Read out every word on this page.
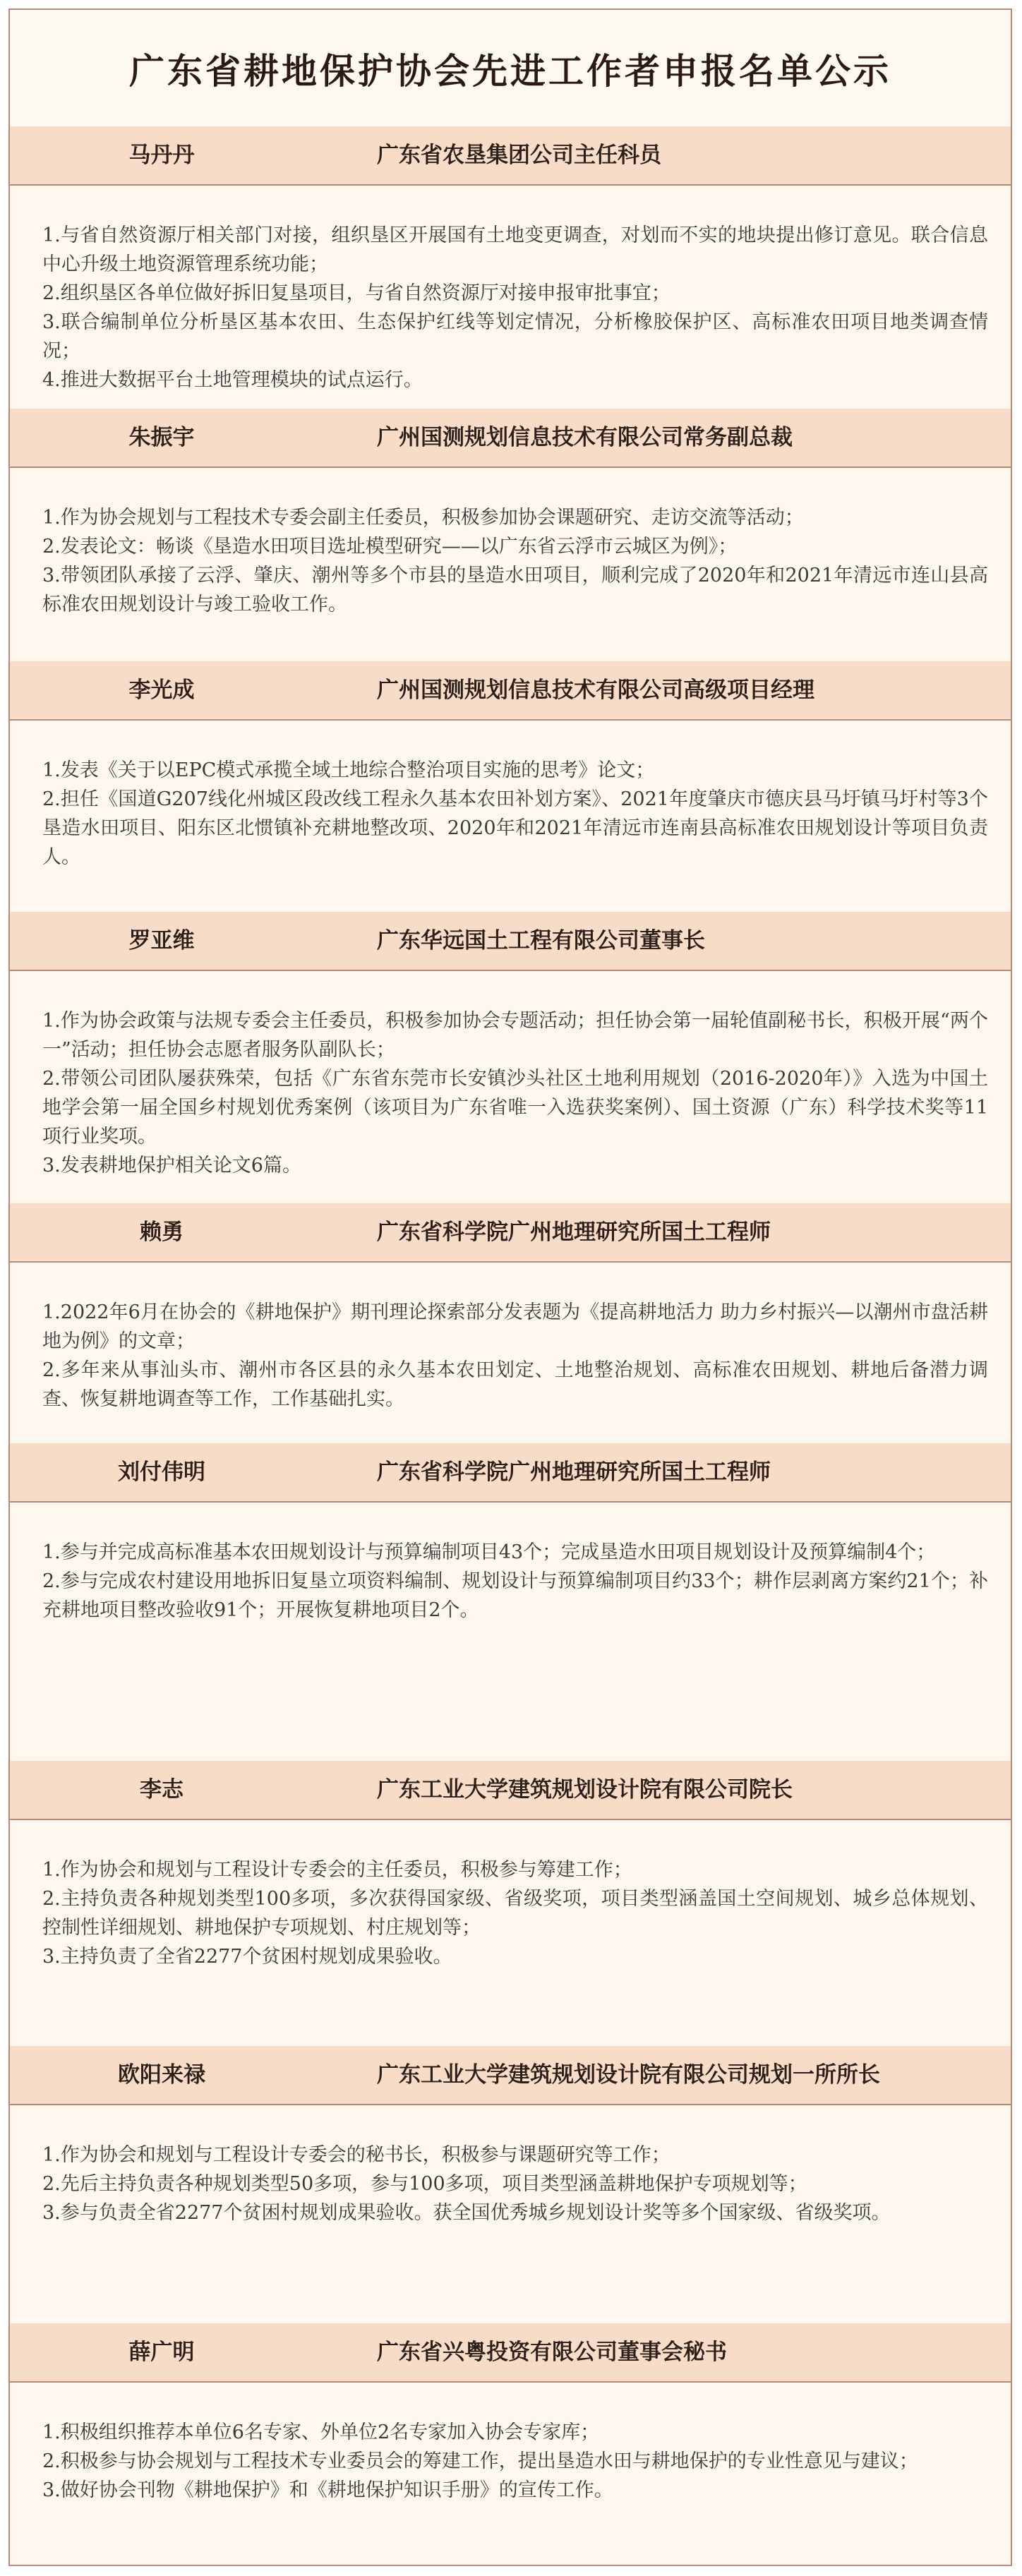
广东省耕地保护协会先进工作者申报名单公示
马丹丹	广东省农垦集团公司主任科员
1.与省自然资源厅相关部门对接，组织垦区开展国有土地变更调查，对划而不实的地块提出修订意见。联合信息中心升级土地资源管理系统功能；
2.组织垦区各单位做好拆旧复垦项目，与省自然资源厅对接申报审批事宜；
3.联合编制单位分析垦区基本农田、生态保护红线等划定情况，分析橡胶保护区、高标准农田项目地类调查情况；
4.推进大数据平台土地管理模块的试点运行。
朱振宇	广州国测规划信息技术有限公司常务副总裁
1.作为协会规划与工程技术专委会副主任委员，积极参加协会课题研究、走访交流等活动；
2.发表论文：畅谈《垦造水田项目选址模型研究——以广东省云浮市云城区为例》；
3.带领团队承接了云浮、肇庆、潮州等多个市县的垦造水田项目，顺利完成了2020年和2021年清远市连山县高标准农田规划设计与竣工验收工作。
李光成	广州国测规划信息技术有限公司高级项目经理
1.发表《关于以EPC模式承揽全域土地综合整治项目实施的思考》论文；
2.担任《国道G207线化州城区段改线工程永久基本农田补划方案》、2021年度肇庆市德庆县马圩镇马圩村等3个垦造水田项目、阳东区北惯镇补充耕地整改项、2020年和2021年清远市连南县高标准农田规划设计等项目负责人。
罗亚维	广东华远国土工程有限公司董事长
1.作为协会政策与法规专委会主任委员，积极参加协会专题活动；担任协会第一届轮值副秘书长，积极开展“两个一”活动；担任协会志愿者服务队副队长；
2.带领公司团队屡获殊荣，包括《广东省东莞市长安镇沙头社区土地利用规划（2016-2020年）》入选为中国土地学会第一届全国乡村规划优秀案例（该项目为广东省唯一入选获奖案例）、国土资源（广东）科学技术奖等11项行业奖项。
3.发表耕地保护相关论文6篇。
赖勇	广东省科学院广州地理研究所国土工程师
1.2022年6月在协会的《耕地保护》期刊理论探索部分发表题为《提高耕地活力 助力乡村振兴—以潮州市盘活耕地为例》的文章；
2.多年来从事汕头市、潮州市各区县的永久基本农田划定、土地整治规划、高标准农田规划、耕地后备潜力调查、恢复耕地调查等工作，工作基础扎实。
刘付伟明	广东省科学院广州地理研究所国土工程师
1.参与并完成高标准基本农田规划设计与预算编制项目43个；完成垦造水田项目规划设计及预算编制4个；
2.参与完成农村建设用地拆旧复垦立项资料编制、规划设计与预算编制项目约33个；耕作层剥离方案约21个；补充耕地项目整改验收91个；开展恢复耕地项目2个。
李志	广东工业大学建筑规划设计院有限公司院长
1.作为协会和规划与工程设计专委会的主任委员，积极参与筹建工作；
2.主持负责各种规划类型100多项，多次获得国家级、省级奖项，项目类型涵盖国土空间规划、城乡总体规划、控制性详细规划、耕地保护专项规划、村庄规划等；
3.主持负责了全省2277个贫困村规划成果验收。
欧阳来禄	广东工业大学建筑规划设计院有限公司规划一所所长
1.作为协会和规划与工程设计专委会的秘书长，积极参与课题研究等工作；
2.先后主持负责各种规划类型50多项，参与100多项，项目类型涵盖耕地保护专项规划等；
3.参与负责全省2277个贫困村规划成果验收。获全国优秀城乡规划设计奖等多个国家级、省级奖项。
薛广明	广东省兴粤投资有限公司董事会秘书
1.积极组织推荐本单位6名专家、外单位2名专家加入协会专家库；
2.积极参与协会规划与工程技术专业委员会的筹建工作，提出垦造水田与耕地保护的专业性意见与建议；
3.做好协会刊物《耕地保护》和《耕地保护知识手册》的宣传工作。
